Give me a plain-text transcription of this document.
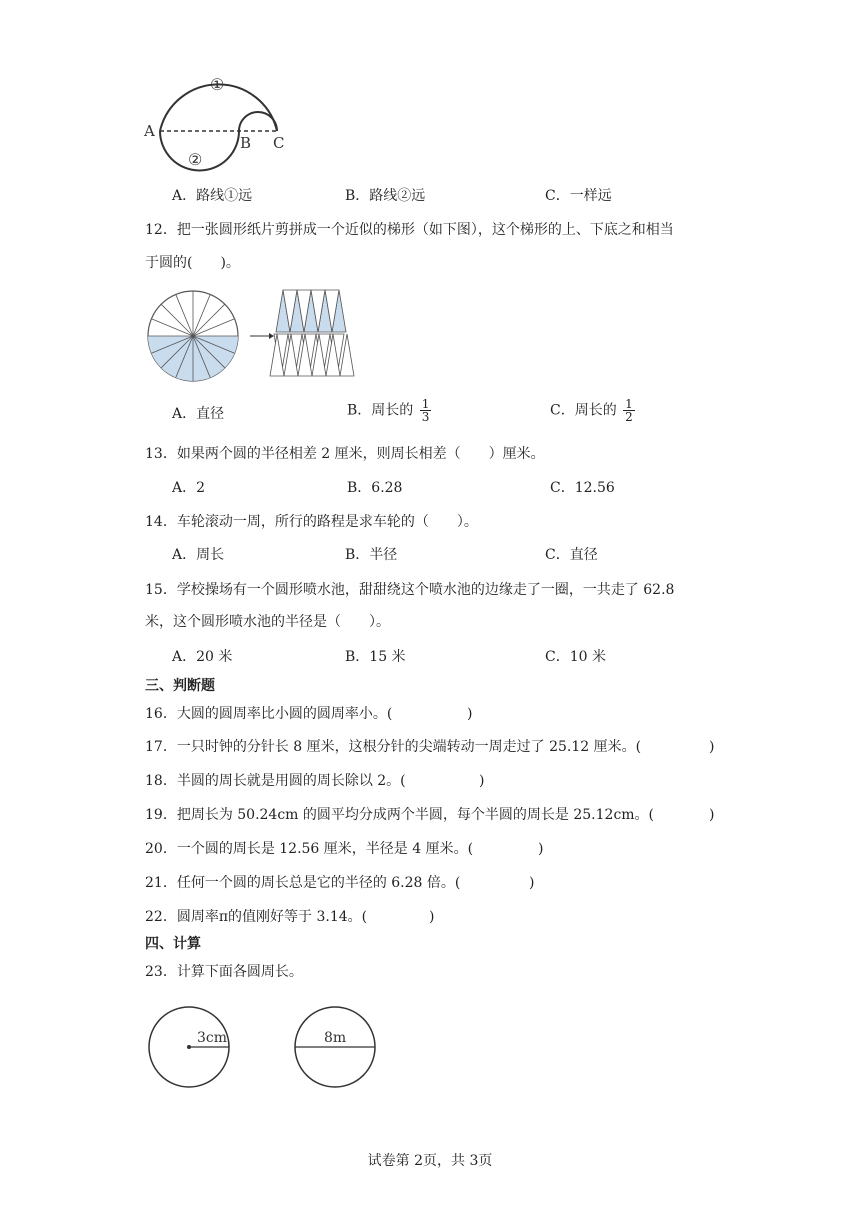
①
②
A
B C
A．路线①远	B．路线②远	C．一样远
12．把一张圆形纸片剪拼成一个近似的梯形（如下图），这个梯形的上、下底之和相当
于圆的(　　)。
A．直径	B．周长的 $\frac{1}{3}$	C．周长的 $\frac{1}{2}$
13．如果两个圆的半径相差 2 厘米，则周长相差（　　）厘米。
A．2	B．6.28	C．12.56
14．车轮滚动一周，所行的路程是求车轮的（　　）。
A．周长	B．半径	C．直径
15．学校操场有一个圆形喷水池，甜甜绕这个喷水池的边缘走了一圈，一共走了 62.8
米，这个圆形喷水池的半径是（　　）。
A．20 米	B．15 米	C．10 米
三、判断题
16．大圆的圆周率比小圆的圆周率小。(	)
17．一只时钟的分针长 8 厘米，这根分针的尖端转动一周走过了 25.12 厘米。(	)
18．半圆的周长就是用圆的周长除以 2。(	)
19．把周长为 50.24cm 的圆平均分成两个半圆，每个半圆的周长是 25.12cm。(	)
20．一个圆的周长是 12.56 厘米，半径是 4 厘米。(	)
21．任何一个圆的周长总是它的半径的 6.28 倍。(	)
22．圆周率π的值刚好等于 3.14。(	)
四、计算
23．计算下面各圆周长。
3cm	8m
试卷第 2页，共 3页
